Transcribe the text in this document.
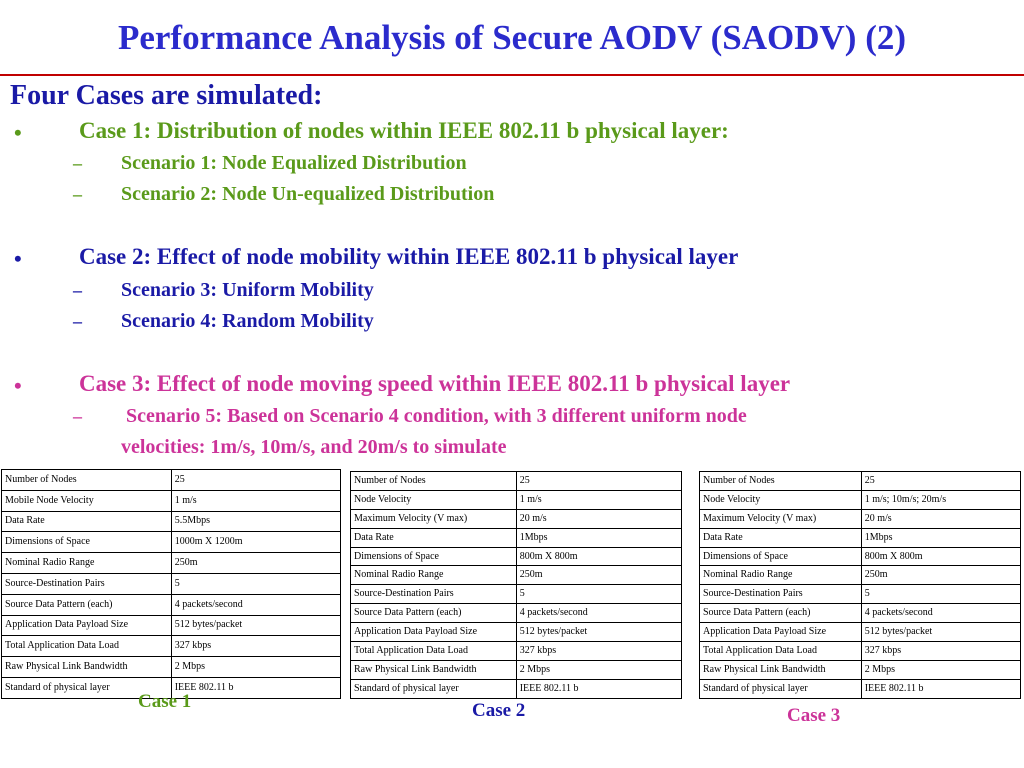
Performance Analysis of Secure AODV (SAODV) (2)
Four Cases are simulated:
• Case 1: Distribution of nodes within IEEE 802.11 b physical layer:
– Scenario 1: Node Equalized Distribution
– Scenario 2: Node Un-equalized Distribution
• Case 2: Effect of node mobility within IEEE 802.11 b physical layer
– Scenario 3: Uniform Mobility
– Scenario 4: Random Mobility
• Case 3: Effect of node moving speed within IEEE 802.11 b physical layer
– Scenario 5: Based on Scenario 4 condition, with 3 different uniform node
velocities: 1m/s, 10m/s, and 20m/s to simulate
Number of Nodes	25
Mobile Node Velocity	1 m/s
Data Rate	5.5Mbps
Dimensions of Space	1000m X 1200m
Nominal Radio Range	250m
Source-Destination Pairs	5
Source Data Pattern (each)	4 packets/second
Application Data Payload Size	512 bytes/packet
Total Application Data Load	327 kbps
Raw Physical Link Bandwidth	2 Mbps
Standard of physical layer	IEEE 802.11 b
Case 1
Number of Nodes	25
Node Velocity	1 m/s
Maximum Velocity (V max)	20 m/s
Data Rate	1Mbps
Dimensions of Space	800m X 800m
Nominal Radio Range	250m
Source-Destination Pairs	5
Source Data Pattern (each)	4 packets/second
Application Data Payload Size	512 bytes/packet
Total Application Data Load	327 kbps
Raw Physical Link Bandwidth	2 Mbps
Standard of physical layer	IEEE 802.11 b
Case 2
Number of Nodes	25
Node Velocity	1 m/s; 10m/s; 20m/s
Maximum Velocity (V max)	20 m/s
Data Rate	1Mbps
Dimensions of Space	800m X 800m
Nominal Radio Range	250m
Source-Destination Pairs	5
Source Data Pattern (each)	4 packets/second
Application Data Payload Size	512 bytes/packet
Total Application Data Load	327 kbps
Raw Physical Link Bandwidth	2 Mbps
Standard of physical layer	IEEE 802.11 b
Case 3
